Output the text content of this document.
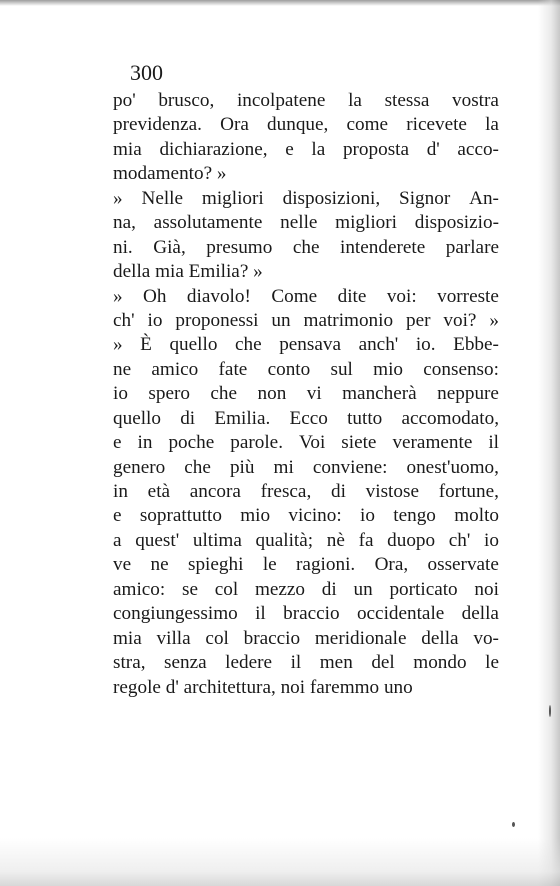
300
po' brusco, incolpatene la stessa vostra
previdenza. Ora dunque, come ricevete la
mia dichiarazione, e la proposta d' acco-
modamento? »
» Nelle migliori disposizioni, Signor An-
na, assolutamente nelle migliori disposizio-
ni. Già, presumo che intenderete parlare
della mia Emilia? »
» Oh diavolo! Come dite voi: vorreste
ch' io proponessi un matrimonio per voi? »
» È quello che pensava anch' io. Ebbe-
ne amico fate conto sul mio consenso:
io spero che non vi mancherà neppure
quello di Emilia. Ecco tutto accomodato,
e in poche parole. Voi siete veramente il
genero che più mi conviene: onest'uomo,
in età ancora fresca, di vistose fortune,
e soprattutto mio vicino: io tengo molto
a quest' ultima qualità; nè fa duopo ch' io
ve ne spieghi le ragioni. Ora, osservate
amico: se col mezzo di un porticato noi
congiungessimo il braccio occidentale della
mia villa col braccio meridionale della vo-
stra, senza ledere il men del mondo le
regole d' architettura, noi faremmo uno
